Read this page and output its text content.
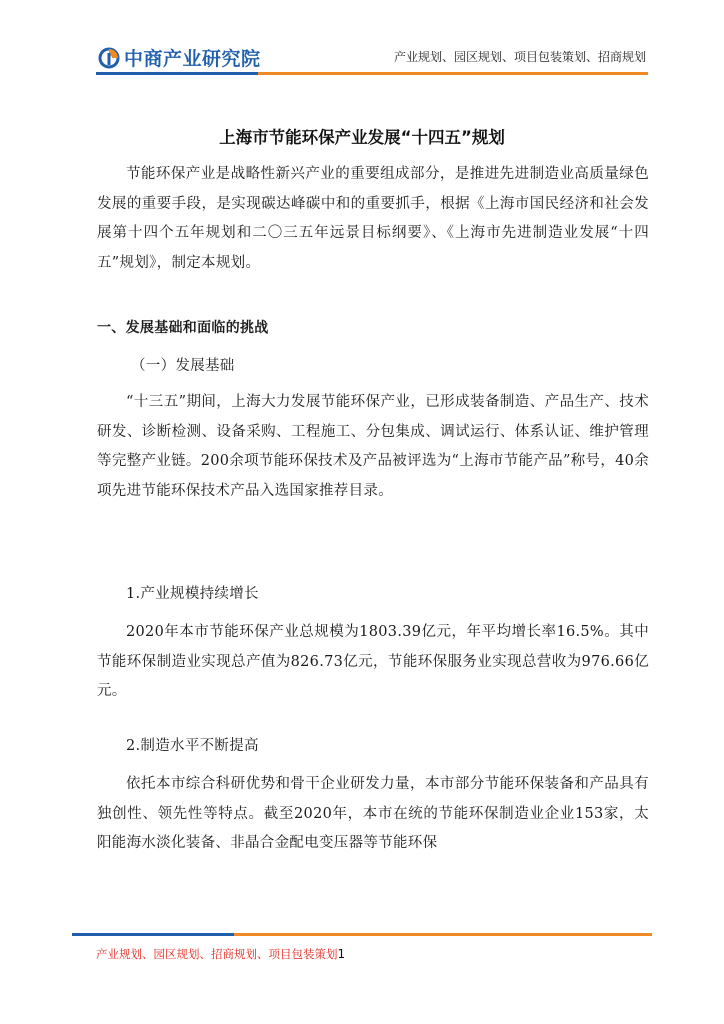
中商产业研究院	产业规划、园区规划、项目包装策划、招商规划
上海市节能环保产业发展“十四五”规划

节能环保产业是战略性新兴产业的重要组成部分，是推进先进制造业高质量绿色发展的重要手段，是实现碳达峰碳中和的重要抓手，根据《上海市国民经济和社会发展第十四个五年规划和二〇三五年远景目标纲要》、《上海市先进制造业发展“十四五”规划》，制定本规划。

一、发展基础和面临的挑战

（一）发展基础

“十三五”期间，上海大力发展节能环保产业，已形成装备制造、产品生产、技术研发、诊断检测、设备采购、工程施工、分包集成、调试运行、体系认证、维护管理等完整产业链。200余项节能环保技术及产品被评选为“上海市节能产品”称号，40余项先进节能环保技术产品入选国家推荐目录。

1.产业规模持续增长

2020年本市节能环保产业总规模为1803.39亿元，年平均增长率16.5%。其中节能环保制造业实现总产值为826.73亿元，节能环保服务业实现总营收为976.66亿元。

2.制造水平不断提高

依托本市综合科研优势和骨干企业研发力量，本市部分节能环保装备和产品具有独创性、领先性等特点。截至2020年，本市在统的节能环保制造业企业153家，太阳能海水淡化装备、非晶合金配电变压器等节能环保

产业规划、园区规划、招商规划、项目包装策划1
